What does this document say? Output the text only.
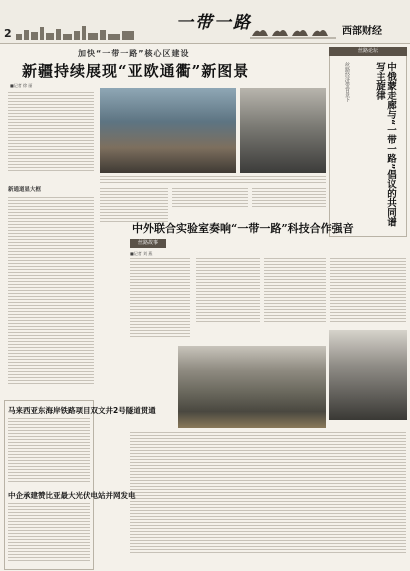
2
一带一路	西部财经
加快“一带一路”核心区建设
新疆持续展现“亚欧通衢”新图景
■记者 徐 丽
新通道显大框
丝路论坛
丝路经济带背景下	中俄蒙走廊与“一带一路”倡议的共同谱写主旋律
中外联合实验室奏响“一带一路”科技合作强音
丝路故事
■记者 刘 燕
马来西亚东海岸铁路项目双文井2号隧道贯通
中企承建赞比亚最大光伏电站并网发电
